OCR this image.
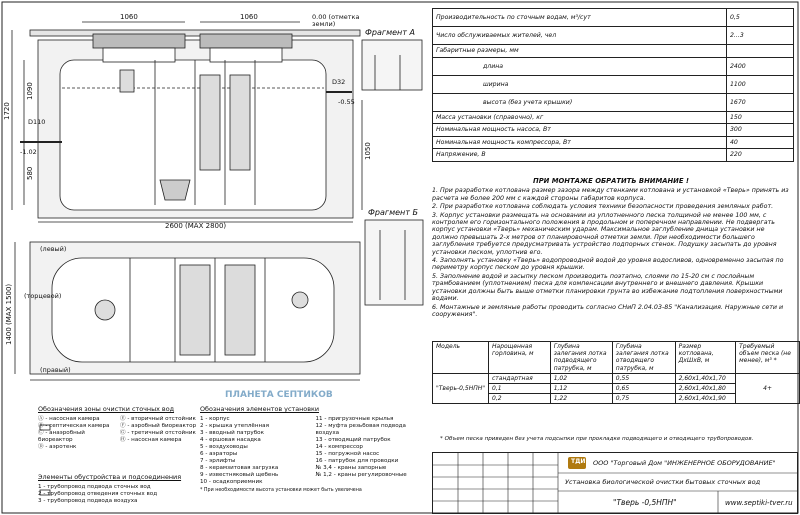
1060	1060
2600 (MAX 2800)
1720
1090
580
1050
0.00 (отметка земли)
-0.55
-1.02
D110
D32
Фрагмент А
Фрагмент Б
1400 (MAX 1500)
(левый)
(правый)
(торцевой)
ПЛАНЕТА СЕПТИКОВ
Производительность по сточным водам, м³/сут	0,5
Число обслуживаемых жителей, чел	2...3
Габаритные размеры, мм	
длина	2400
ширина	1100
высота (без учета крышки)	1670
Масса установки (справочно), кг	150
Номинальная мощность насоса, Вт	300
Номинальная мощность компрессора, Вт	40
Напряжение, В	220
ПРИ МОНТАЖЕ ОБРАТИТЬ ВНИМАНИЕ !

1. При разработке котлована размер зазора между стенками котлована и установкой «Тверь» принять из расчета не более 200 мм с каждой стороны габаритов корпуса.

2. При разработке котлована соблюдать условия техники безопасности проведения земляных работ.

3. Корпус установки размещать на основании из уплотненного песка толщиной не менее 100 мм, с контролем его горизонтального положения в продольном и поперечном направлении. Не подвергать корпус установки «Тверь» механическим ударам. Максимальное заглубление днища установки не должно превышать 2-х метров от планировочной отметки земли. При необходимости большего заглубления требуется предусматривать устройство подпорных стенок. Подушку засыпать до уровня установки песком, уплотнив его.

4. Заполнять установку «Тверь» водопроводной водой до уровня водосливов, одновременно засыпая по периметру корпус песком до уровня крышки.

5. Заполнение водой и засыпку песком производить поэтапно, слоями по 15-20 см с послойным трамбованием (уплотнением) песка для компенсации внутреннего и внешнего давления. Крышки установки должны быть выше отметки планировки грунта во избежание подтопления поверхностными водами.

6. Монтажные и земляные работы проводить согласно СНиП 2.04.03-85 "Канализация. Наружные сети и сооружения".

Модель	Нарощенная горловина, м	Глубина залегания лотка подводящего патрубка, м	Глубина залегания лотка отводящего патрубка, м	Размер котлована, ДхШхВ, м	Требуемый объем песка (не менее), м³ *
"Тверь-0,5НПН"	стандартная	1,02	0,55	2,60х1,40х1,70	4+
	0,1	1,12	0,65	2,60х1,40х1,80	
	0,2	1,22	0,75	2,60х1,40х1,90	
* Объем песка приведен без учета подсыпки при прокладке подводящего и отводящего трубопроводов.
Обозначения зоны очистки сточных вод
Ⓐ - насосная камера
Ⓑ - септическая камера
Ⓒ - анаэробный биореактор
Ⓓ - аэротенк
Ⓔ - вторичный отстойник
Ⓕ - аэробный биореактор
Ⓖ - третичный отстойник
Ⓗ - насосная камера
Элементы обустройства и подсоединения
1 - трубопровод подвода сточных вод
2 - трубопровод отведения сточных вод
3 - трубопровод подвода воздуха
Обозначения элементов установки
1 - корпус
2 - крышка утеплённая
3 - вводный патрубок
4 - ершовая насадка
5 - воздуховоды
6 - аэраторы
7 - эрлифты
8 - керамзитовая загрузка
9 - известняковый щебень
10 - осадкоприемник
11 - пригрузочные крылья
12 - муфта резьбовая подвода воздуха
13 - отводящий патрубок
14 - компрессор
15 - погружной насос
16 - патрубок для проводки
№ 3,4 - краны запорные
№ 1,2 - краны регулировочные
* При необходимости высота установки может быть увеличена
ТДИ ООО "Торговый Дом "ИНЖЕНЕРНОЕ ОБОРУДОВАНИЕ"
Установка биологической очистки бытовых сточных вод
"Тверь -0,5НПН"	www.septiki-tver.ru
